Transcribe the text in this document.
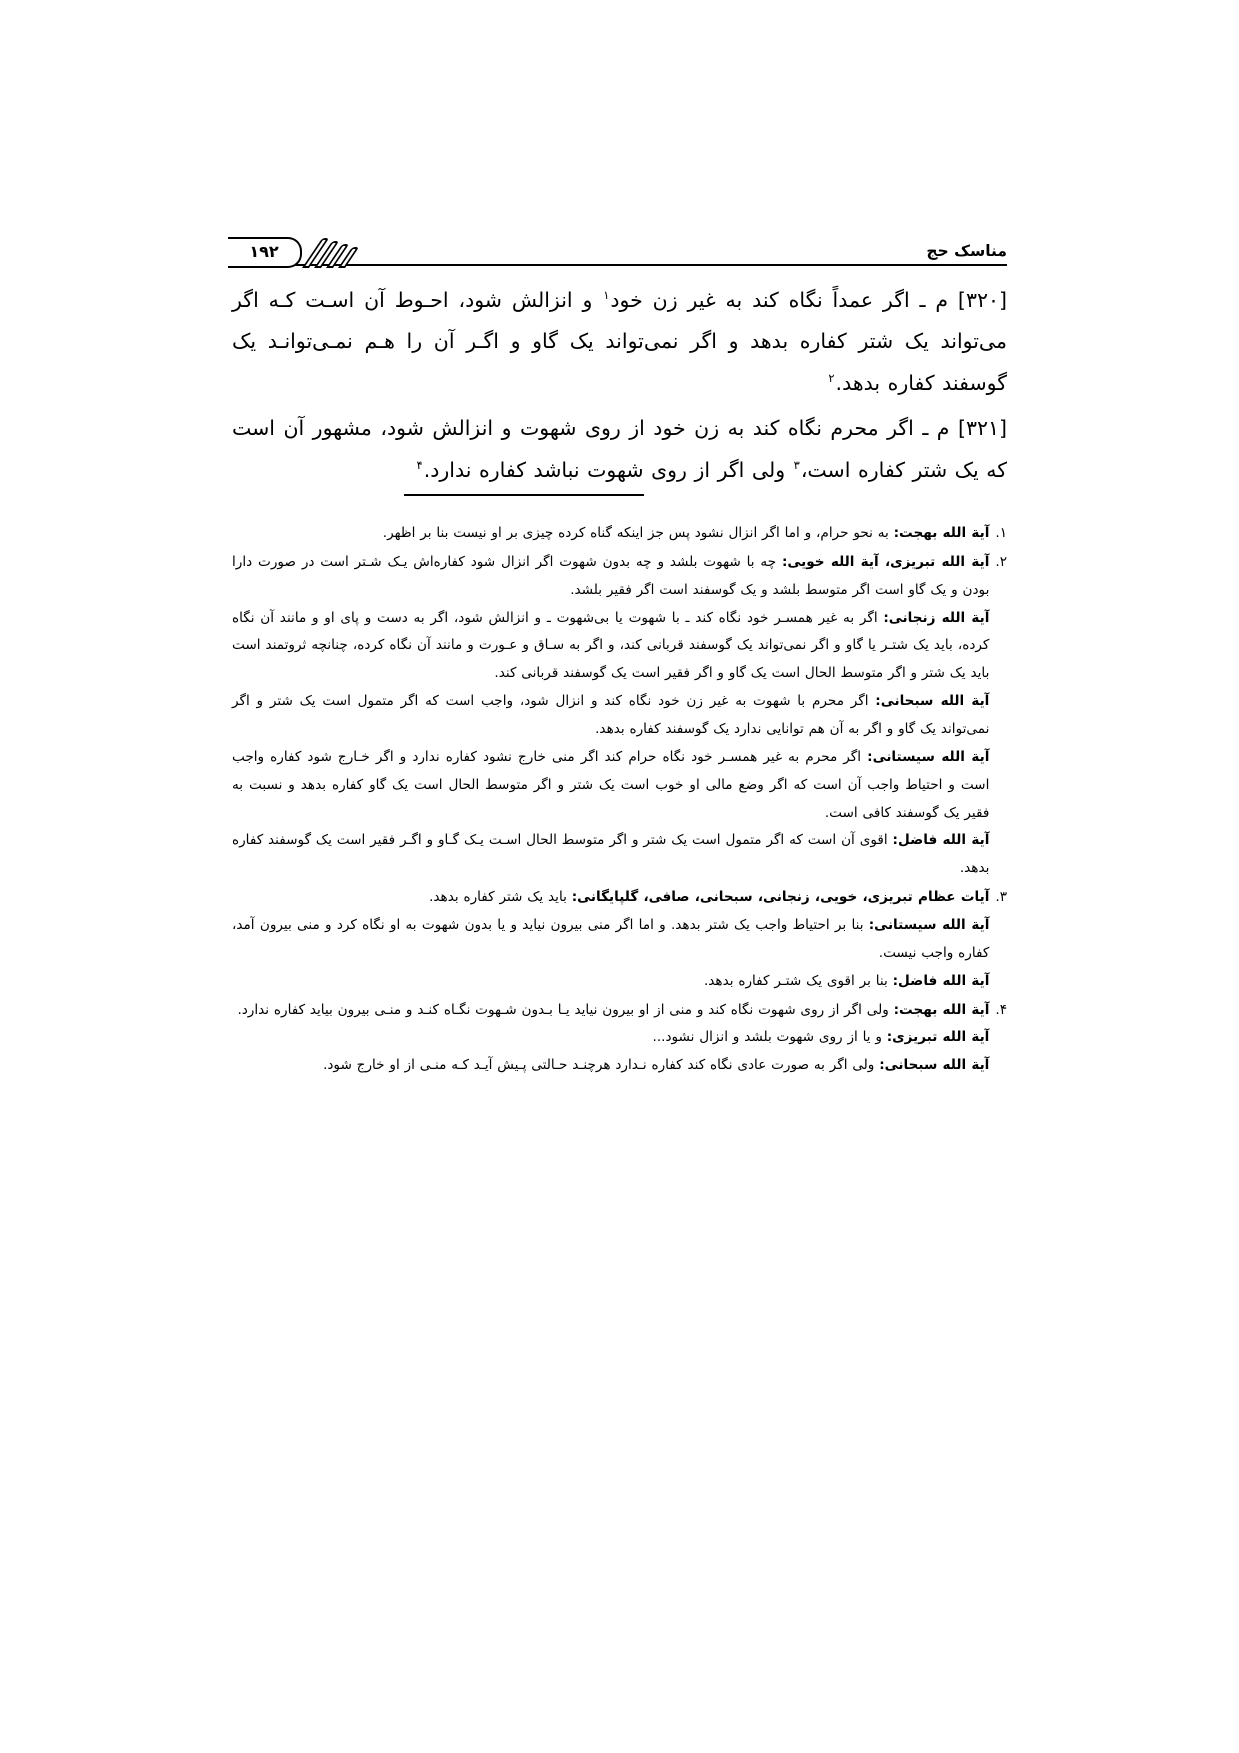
مناسک حج
۱۹۲

[۳۲۰] م ـ اگر عمداً نگاه کند به غیر زن خود$^۱$ و انزالش شود، احـوط آن اسـت کـه اگر می‌تواند یک شتر کفاره بدهد و اگر نمی‌تواند یک گاو و اگـر آن را هـم نمـی‌توانـد یک گوسفند کفاره بدهد.$^۲$

[۳۲۱] م ـ اگر محرم نگاه کند به زن خود از روی شهوت و انزالش شود، مشهور آن است که یک شتر کفاره است،$^۳$ ولی اگر از روی شهوت نباشد کفاره ندارد.$^۴$

۱.

آیة الله بهجت: به نحو حرام، و اما اگر انزال نشود پس جز اینکه گناه کرده چیزی بر او نیست بنا بر اظهر.

۲.

آیة الله تبریزی، آیة الله خویی: چه با شهوت بلشد و چه بدون شهوت اگر انزال شود کفاره‌اش یـک شـتر است در صورت دارا بودن و یک گاو است اگر متوسط بلشد و یک گوسفند است اگر فقیر بلشد.

آیة الله زنجانی: اگر به غیر همسـر خود نگاه کند ـ با شهوت یا بی‌شهوت ـ و انزالش شود، اگر به دست و پای او و مانند آن نگاه کرده، باید یک شتـر یا گاو و اگر نمی‌تواند یک گوسفند قربانی کند، و اگر به سـاق و عـورت و مانند آن نگاه کرده، چنانچه ثروتمند است باید یک شتر و اگر متوسط الحال است یک گاو و اگر فقیر است یک گوسفند قربانی کند.

آیة الله سبحانی: اگر محرم با شهوت به غیر زن خود نگاه کند و انزال شود، واجب است که اگر متمول است یک شتر و اگر نمی‌تواند یک گاو و اگر به آن هم توانایی ندارد یک گوسفند کفاره بدهد.

آیة الله سیستانی: اگر محرم به غیر همسـر خود نگاه حرام کند اگر منی خارج نشود کفاره ندارد و اگر خـارج شود کفاره واجب است و احتیاط واجب آن است که اگر وضع مالی او خوب است یک شتر و اگر متوسط الحال است یک گاو کفاره بدهد و نسبت به فقیر یک گوسفند کافی است.

آیة الله فاضل: اقوی آن است که اگر متمول است یک شتر و اگر متوسط الحال اسـت یـک گـاو و اگـر فقیر است یک گوسفند کفاره بدهد.

۳.

آیات عظام تبریزی، خویی، زنجانی، سبحانی، صافی، گلپایگانی: باید یک شتر کفاره بدهد.

آیة الله سیستانی: بنا بر احتیاط واجب یک شتر بدهد. و اما اگر منی بیرون نیاید و یا بدون شهوت به او نگاه کرد و منی بیرون آمد، کفاره واجب نیست.

آیة الله فاضل: بنا بر اقوی یک شتـر کفاره بدهد.

۴.

آیة الله بهجت: ولی اگر از روی شهوت نگاه کند و منی از او بیرون نیاید یـا بـدون شـهوت نگـاه کنـد و منـی بیرون بیاید کفاره ندارد.

آیة الله تبریزی: و یا از روی شهوت بلشد و انزال نشود...

آیة الله سبحانی: ولی اگر به صورت عادی نگاه کند کفاره نـدارد هرچنـد حـالتی پـیش آیـد کـه منـی از او خارج شود.
